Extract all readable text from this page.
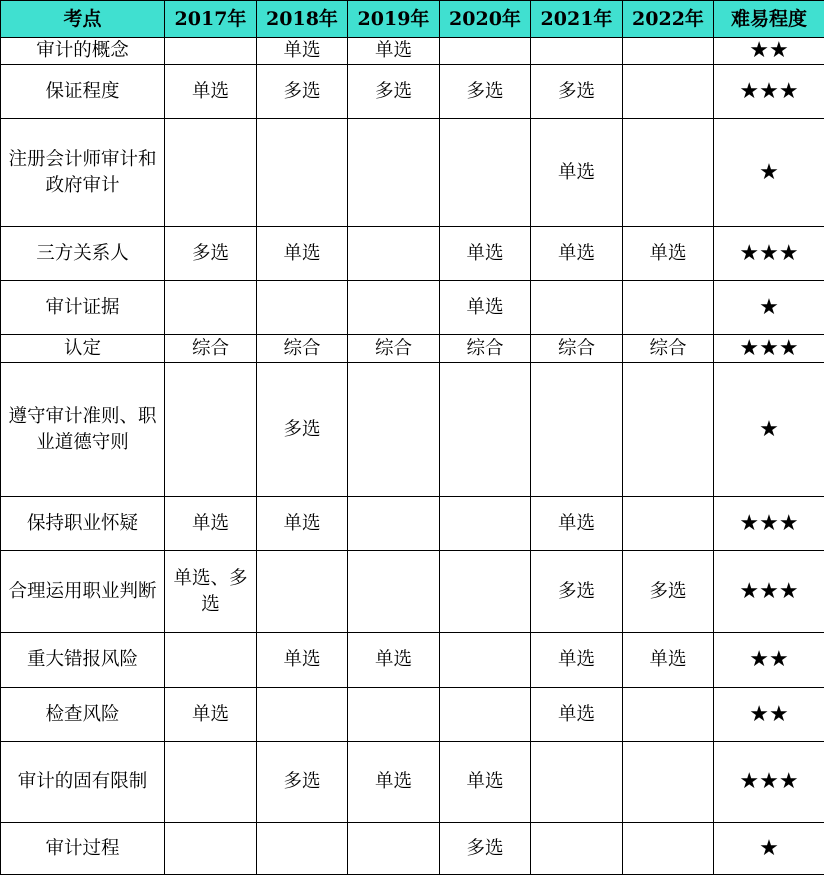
考点	2017年	2018年	2019年	2020年	2021年	2022年	难易程度
审计的概念		单选	单选				★★
保证程度	单选	多选	多选	多选	多选		★★★
注册会计师审计和政府审计					单选		★
三方关系人	多选	单选		单选	单选	单选	★★★
审计证据				单选			★
认定	综合	综合	综合	综合	综合	综合	★★★
遵守审计准则、职业道德守则		多选					★
保持职业怀疑	单选	单选			单选		★★★
合理运用职业判断	单选、多选				多选	多选	★★★
重大错报风险		单选	单选		单选	单选	★★
检查风险	单选				单选		★★
审计的固有限制		多选	单选	单选			★★★
审计过程				多选			★
